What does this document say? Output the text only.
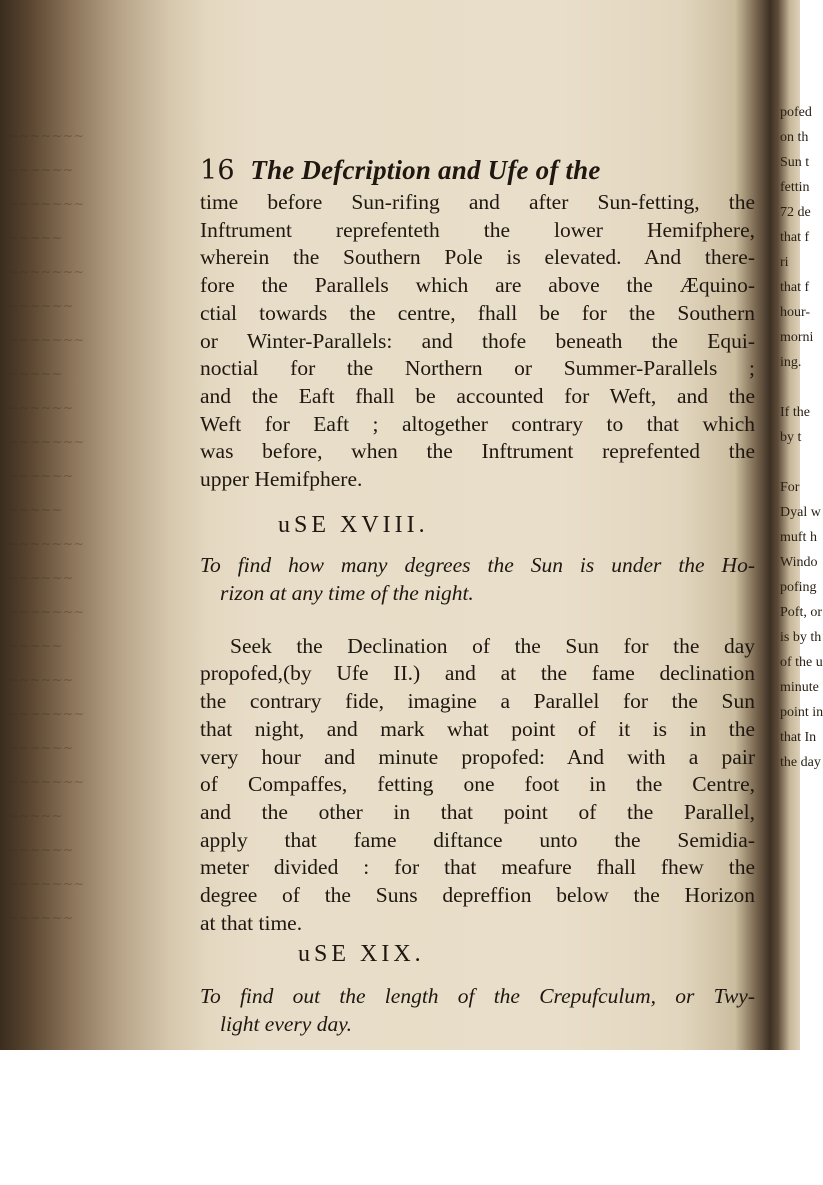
~~~~~~~
~~~~~~
~~~~~~~
~~~~~
~~~~~~~
~~~~~~
~~~~~~~
~~~~~
~~~~~~
~~~~~~~
~~~~~~
~~~~~
~~~~~~~
~~~~~~
~~~~~~~
~~~~~
~~~~~~
~~~~~~~
~~~~~~
~~~~~~~
~~~~~
~~~~~~
~~~~~~~
~~~~~~
16 The Defcription and Ufe of the

time before Sun-rifing and after Sun-fetting, the
Inftrument reprefenteth the lower Hemifphere,
wherein the Southern Pole is elevated. And there-
fore the Parallels which are above the Æquino-
ctial towards the centre, fhall be for the Southern
or Winter-Parallels: and thofe beneath the Equi-
noctial for the Northern or Summer-Parallels ;
and the Eaft fhall be accounted for Weft, and the
Weft for Eaft ; altogether contrary to that which
was before, when the Inftrument reprefented the
upper Hemifphere.

uSE XVIII.

To find how many degrees the Sun is under the Ho-
rizon at any time of the night.

Seek the Declination of the Sun for the day
propofed,(by Ufe II.) and at the fame declination
the contrary fide, imagine a Parallel for the Sun
that night, and mark what point of it is in the
very hour and minute propofed: And with a pair
of Compaffes, fetting one foot in the Centre,
and the other in that point of the Parallel,
apply that fame diftance unto the Semidia-
meter divided : for that meafure fhall fhew the
degree of the Suns depreffion below the Horizon
at that time.

uSE XIX.

To find out the length of the Crepufculum, or Twy-
light every day.

pofed
on th
Sun t
fettin
72 de
that f
ri
that f
hour-
morni
ing.

If the
by t

For
Dyal w
muft h
Windo
pofing
Poft, or
is by th
of the u
minute
point in
that In
the day
